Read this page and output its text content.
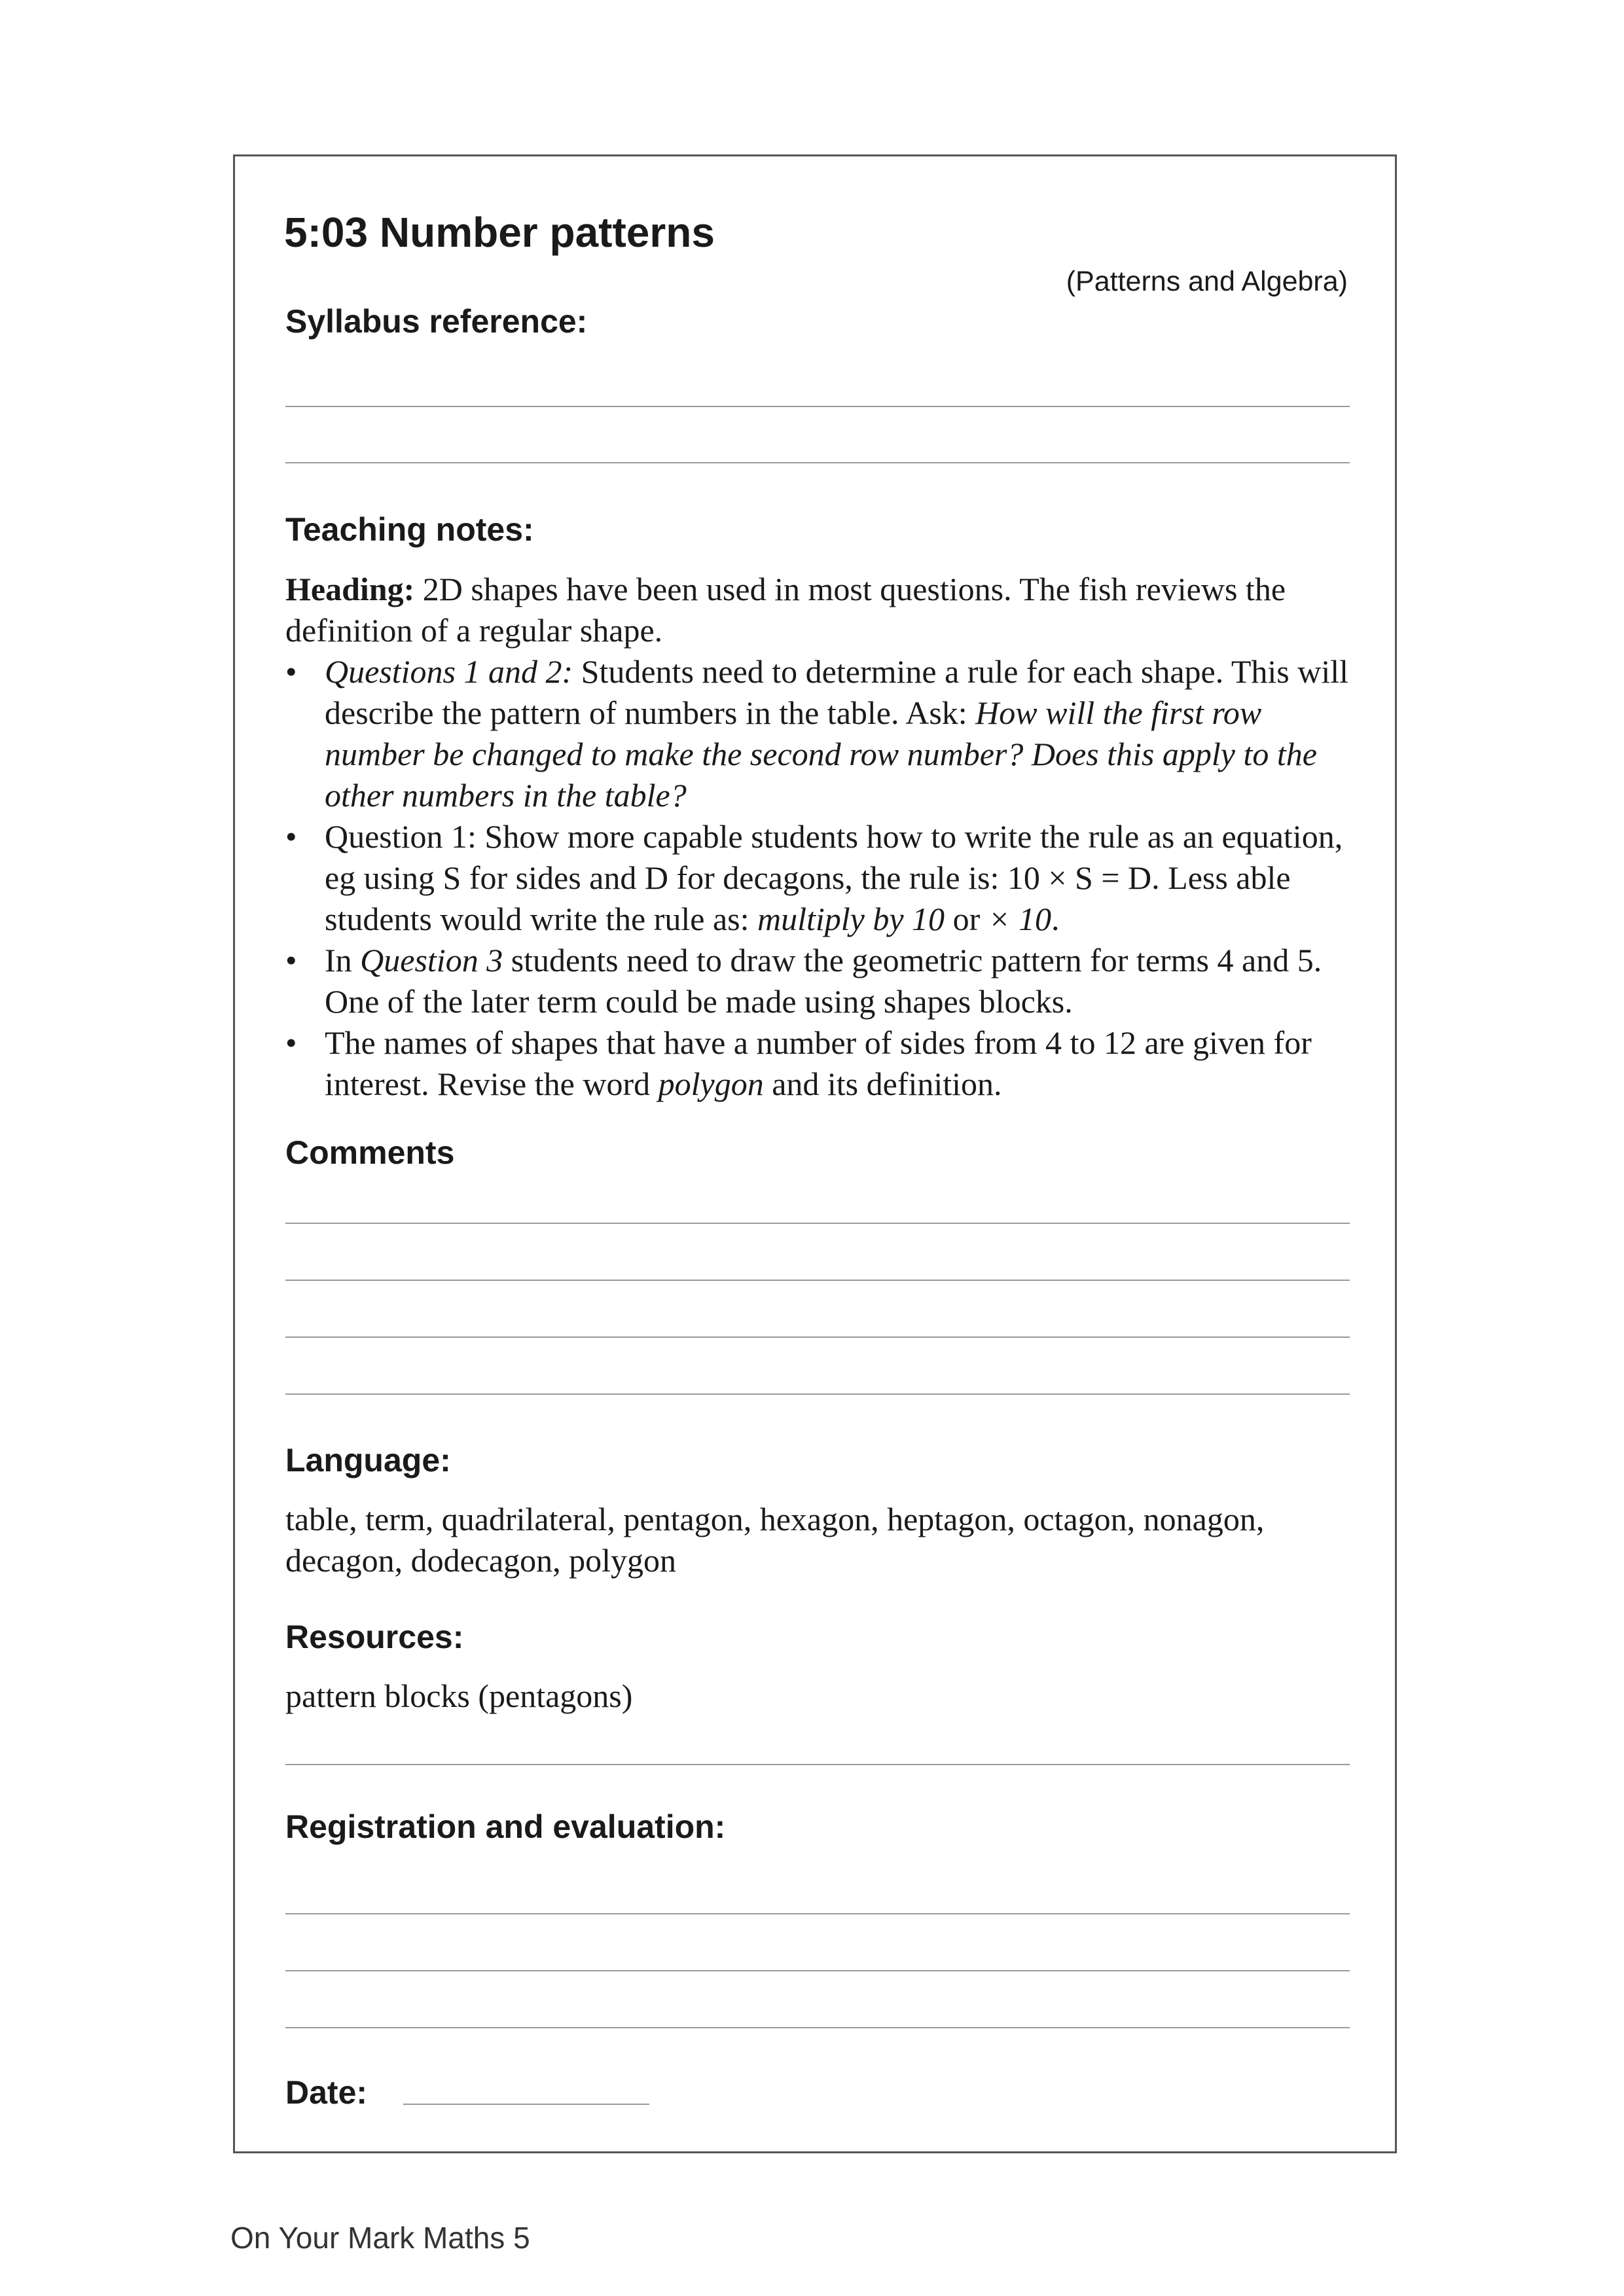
5:03 Number patterns
(Patterns and Algebra)
Syllabus reference:
Teaching notes:

Heading: 2D shapes have been used in most questions. The fish reviews the definition of a regular shape.

• Questions 1 and 2: Students need to determine a rule for each shape. This will describe the pattern of numbers in the table. Ask: How will the first row number be changed to make the second row number? Does this apply to the other numbers in the table?
• Question 1: Show more capable students how to write the rule as an equation, eg using S for sides and D for decagons, the rule is: 10 × S = D. Less able students would write the rule as: multiply by 10 or × 10.
• In Question 3 students need to draw the geometric pattern for terms 4 and 5. One of the later term could be made using shapes blocks.
• The names of shapes that have a number of sides from 4 to 12 are given for interest. Revise the word polygon and its definition.
Comments
Language:
table, term, quadrilateral, pentagon, hexagon, heptagon, octagon, nonagon, decagon, dodecagon, polygon
Resources:
pattern blocks (pentagons)
Registration and evaluation:
Date:
On Your Mark Maths 5
